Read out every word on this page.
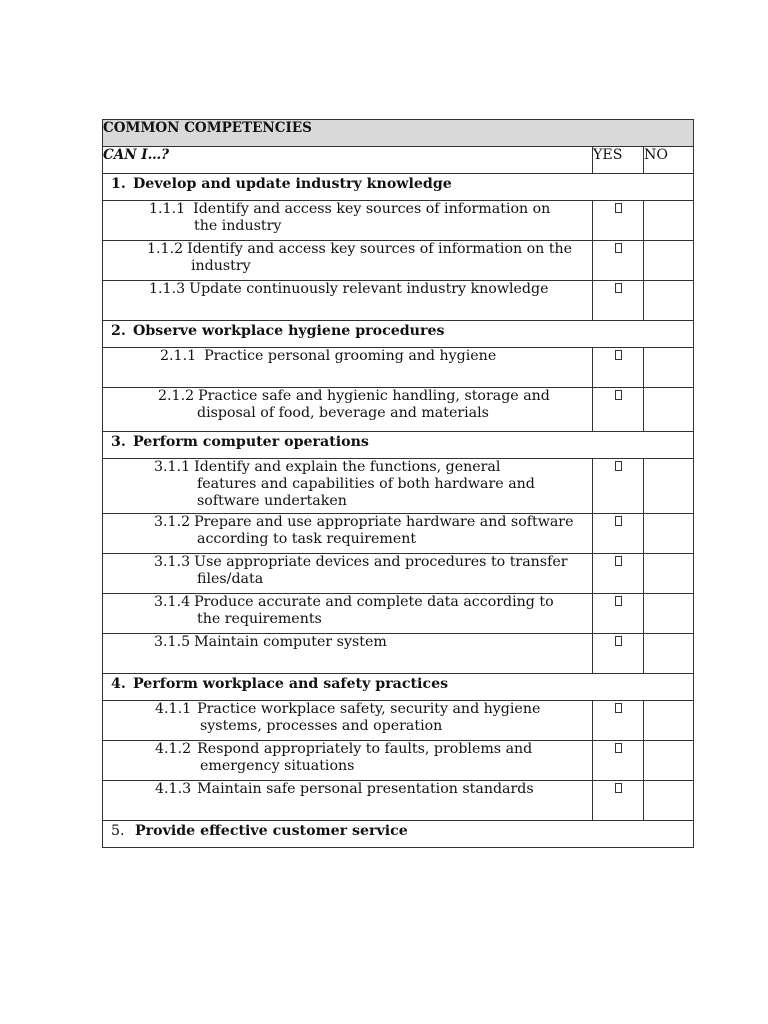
COMMON COMPETENCIES		
CAN I…?	YES	NO

1. Develop and update industry knowledge		

1.1.1 Identify and access key sources of information on
the industry		

1.1.2 Identify and access key sources of information on the
industry		

1.1.3 Update continuously relevant industry knowledge		

2. Observe workplace hygiene procedures		

2.1.1 Practice personal grooming and hygiene		

2.1.2 Practice safe and hygienic handling, storage and
disposal of food, beverage and materials		

3. Perform computer operations		

3.1.1 Identify and explain the functions, general
features and capabilities of both hardware and
software undertaken		

3.1.2 Prepare and use appropriate hardware and software
according to task requirement		

3.1.3 Use appropriate devices and procedures to transfer
files/data		

3.1.4 Produce accurate and complete data according to
the requirements		

3.1.5 Maintain computer system		

4. Perform workplace and safety practices		

4.1.1 Practice workplace safety, security and hygiene
systems, processes and operation		

4.1.2 Respond appropriately to faults, problems and
emergency situations		

4.1.3 Maintain safe personal presentation standards		

5. Provide effective customer service		
